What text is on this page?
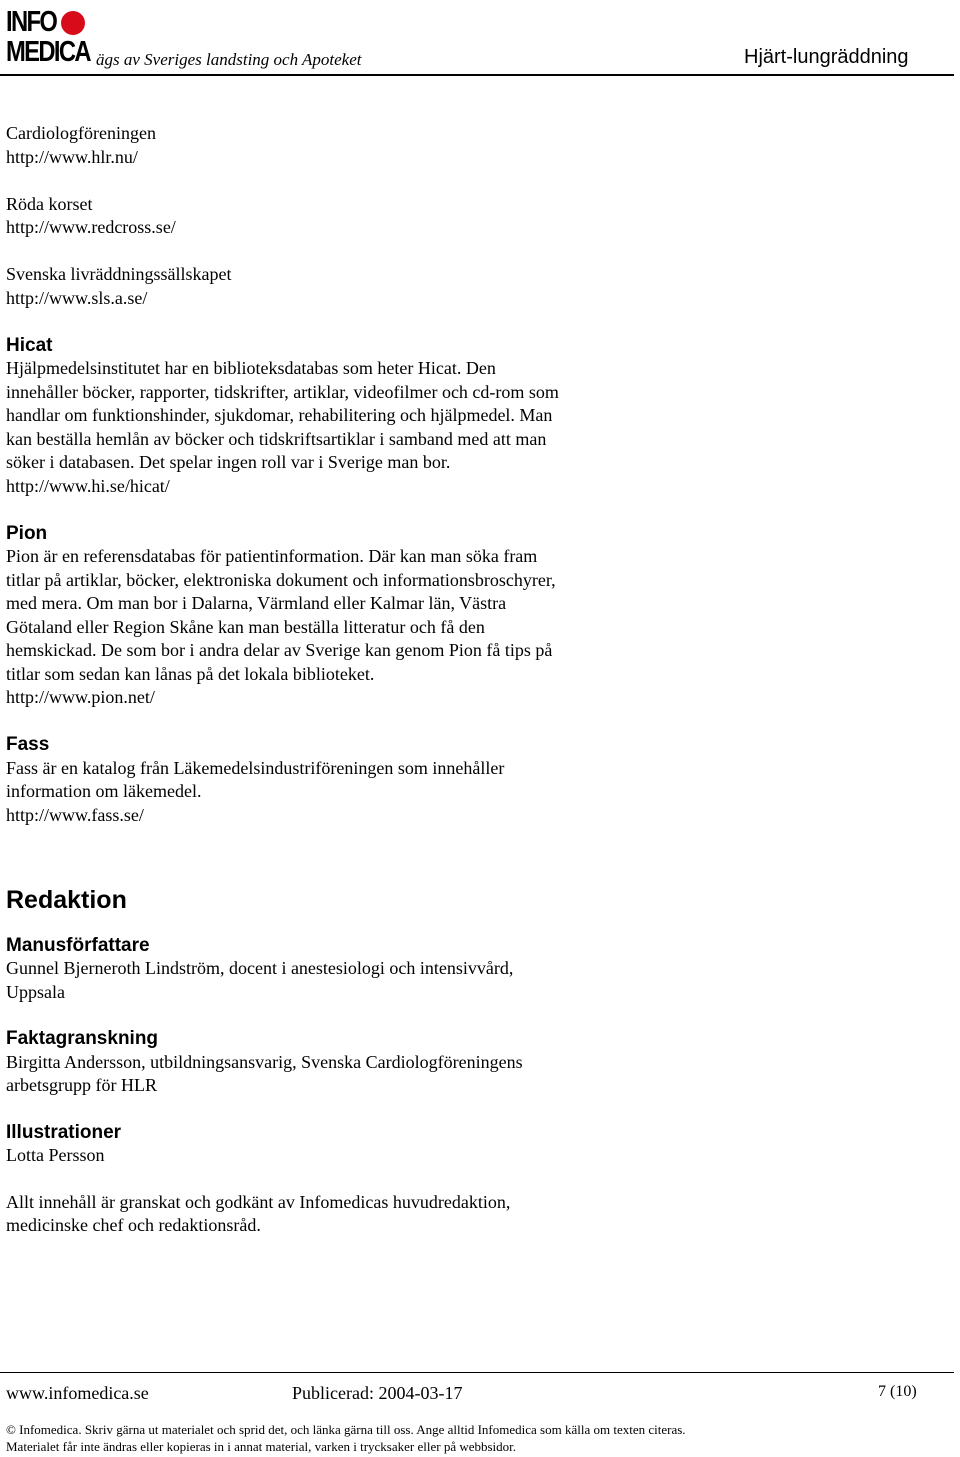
INFO
MEDICA ägs av Sveriges landsting och Apoteket	Hjärt-lungräddning

Cardiologföreningen

http://www.hlr.nu/

Röda korset

http://www.redcross.se/

Svenska livräddningssällskapet

http://www.sls.a.se/

Hicat

Hjälpmedelsinstitutet har en biblioteksdatabas som heter Hicat. Den

innehåller böcker, rapporter, tidskrifter, artiklar, videofilmer och cd-rom som

handlar om funktionshinder, sjukdomar, rehabilitering och hjälpmedel. Man

kan beställa hemlån av böcker och tidskriftsartiklar i samband med att man

söker i databasen. Det spelar ingen roll var i Sverige man bor.

http://www.hi.se/hicat/

Pion

Pion är en referensdatabas för patientinformation. Där kan man söka fram

titlar på artiklar, böcker, elektroniska dokument och informationsbroschyrer,

med mera. Om man bor i Dalarna, Värmland eller Kalmar län, Västra

Götaland eller Region Skåne kan man beställa litteratur och få den

hemskickad. De som bor i andra delar av Sverige kan genom Pion få tips på

titlar som sedan kan lånas på det lokala biblioteket.

http://www.pion.net/

Fass

Fass är en katalog från Läkemedelsindustriföreningen som innehåller

information om läkemedel.

http://www.fass.se/

Redaktion

Manusförfattare

Gunnel Bjerneroth Lindström, docent i anestesiologi och intensivvård,

Uppsala

Faktagranskning

Birgitta Andersson, utbildningsansvarig, Svenska Cardiologföreningens

arbetsgrupp för HLR

Illustrationer

Lotta Persson

Allt innehåll är granskat och godkänt av Infomedicas huvudredaktion,

medicinske chef och redaktionsråd.

www.infomedica.se	Publicerad: 2004-03-17	7 (10)
© Infomedica. Skriv gärna ut materialet och sprid det, och länka gärna till oss. Ange alltid Infomedica som källa om texten citeras.
Materialet får inte ändras eller kopieras in i annat material, varken i trycksaker eller på webbsidor.
